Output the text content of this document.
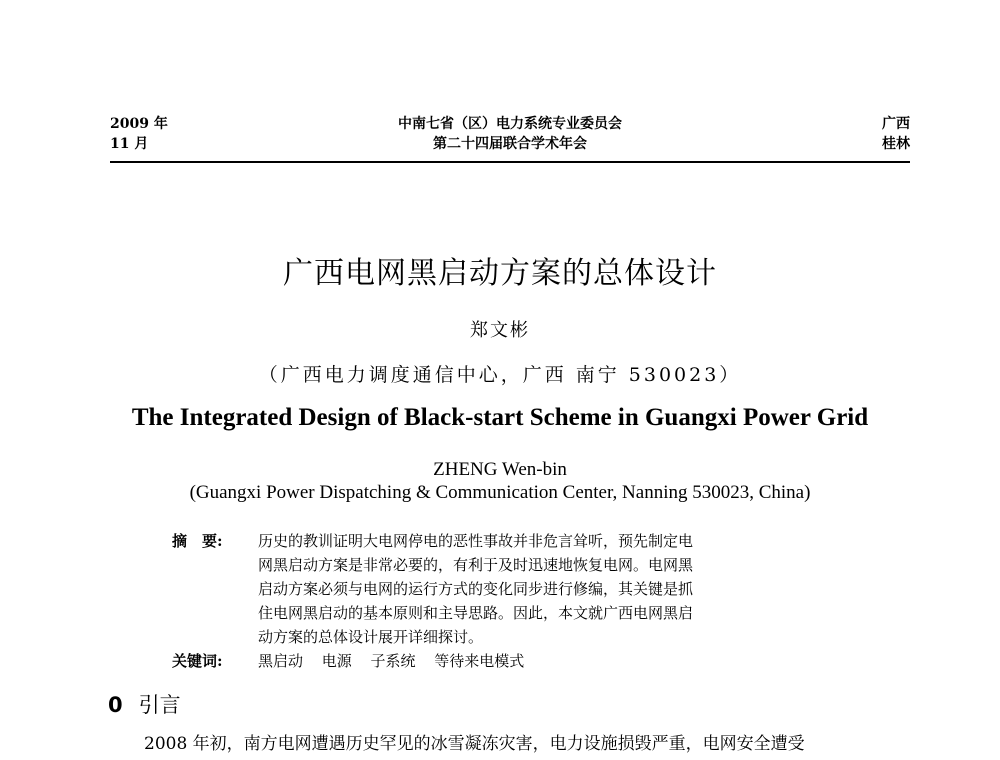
2009 年
11 月
中南七省（区）电力系统专业委员会
第二十四届联合学术年会
广西
桂林
广西电网黑启动方案的总体设计
郑文彬
（广西电力调度通信中心，广西 南宁 530023）
The Integrated Design of Black-start Scheme in Guangxi Power Grid
ZHENG Wen-bin
(Guangxi Power Dispatching & Communication Center, Nanning 530023, China)
摘　要: 历史的教训证明大电网停电的恶性事故并非危言耸听，预先制定电
网黑启动方案是非常必要的，有利于及时迅速地恢复电网。电网黑
启动方案必须与电网的运行方式的变化同步进行修编，其关键是抓
住电网黑启动的基本原则和主导思路。因此，本文就广西电网黑启
动方案的总体设计展开详细探讨。
关键词: 黑启动 电源 子系统 等待来电模式
0 引言
2008 年初，南方电网遭遇历史罕见的冰雪凝冻灾害，电力设施损毁严重，电网安全遭受
